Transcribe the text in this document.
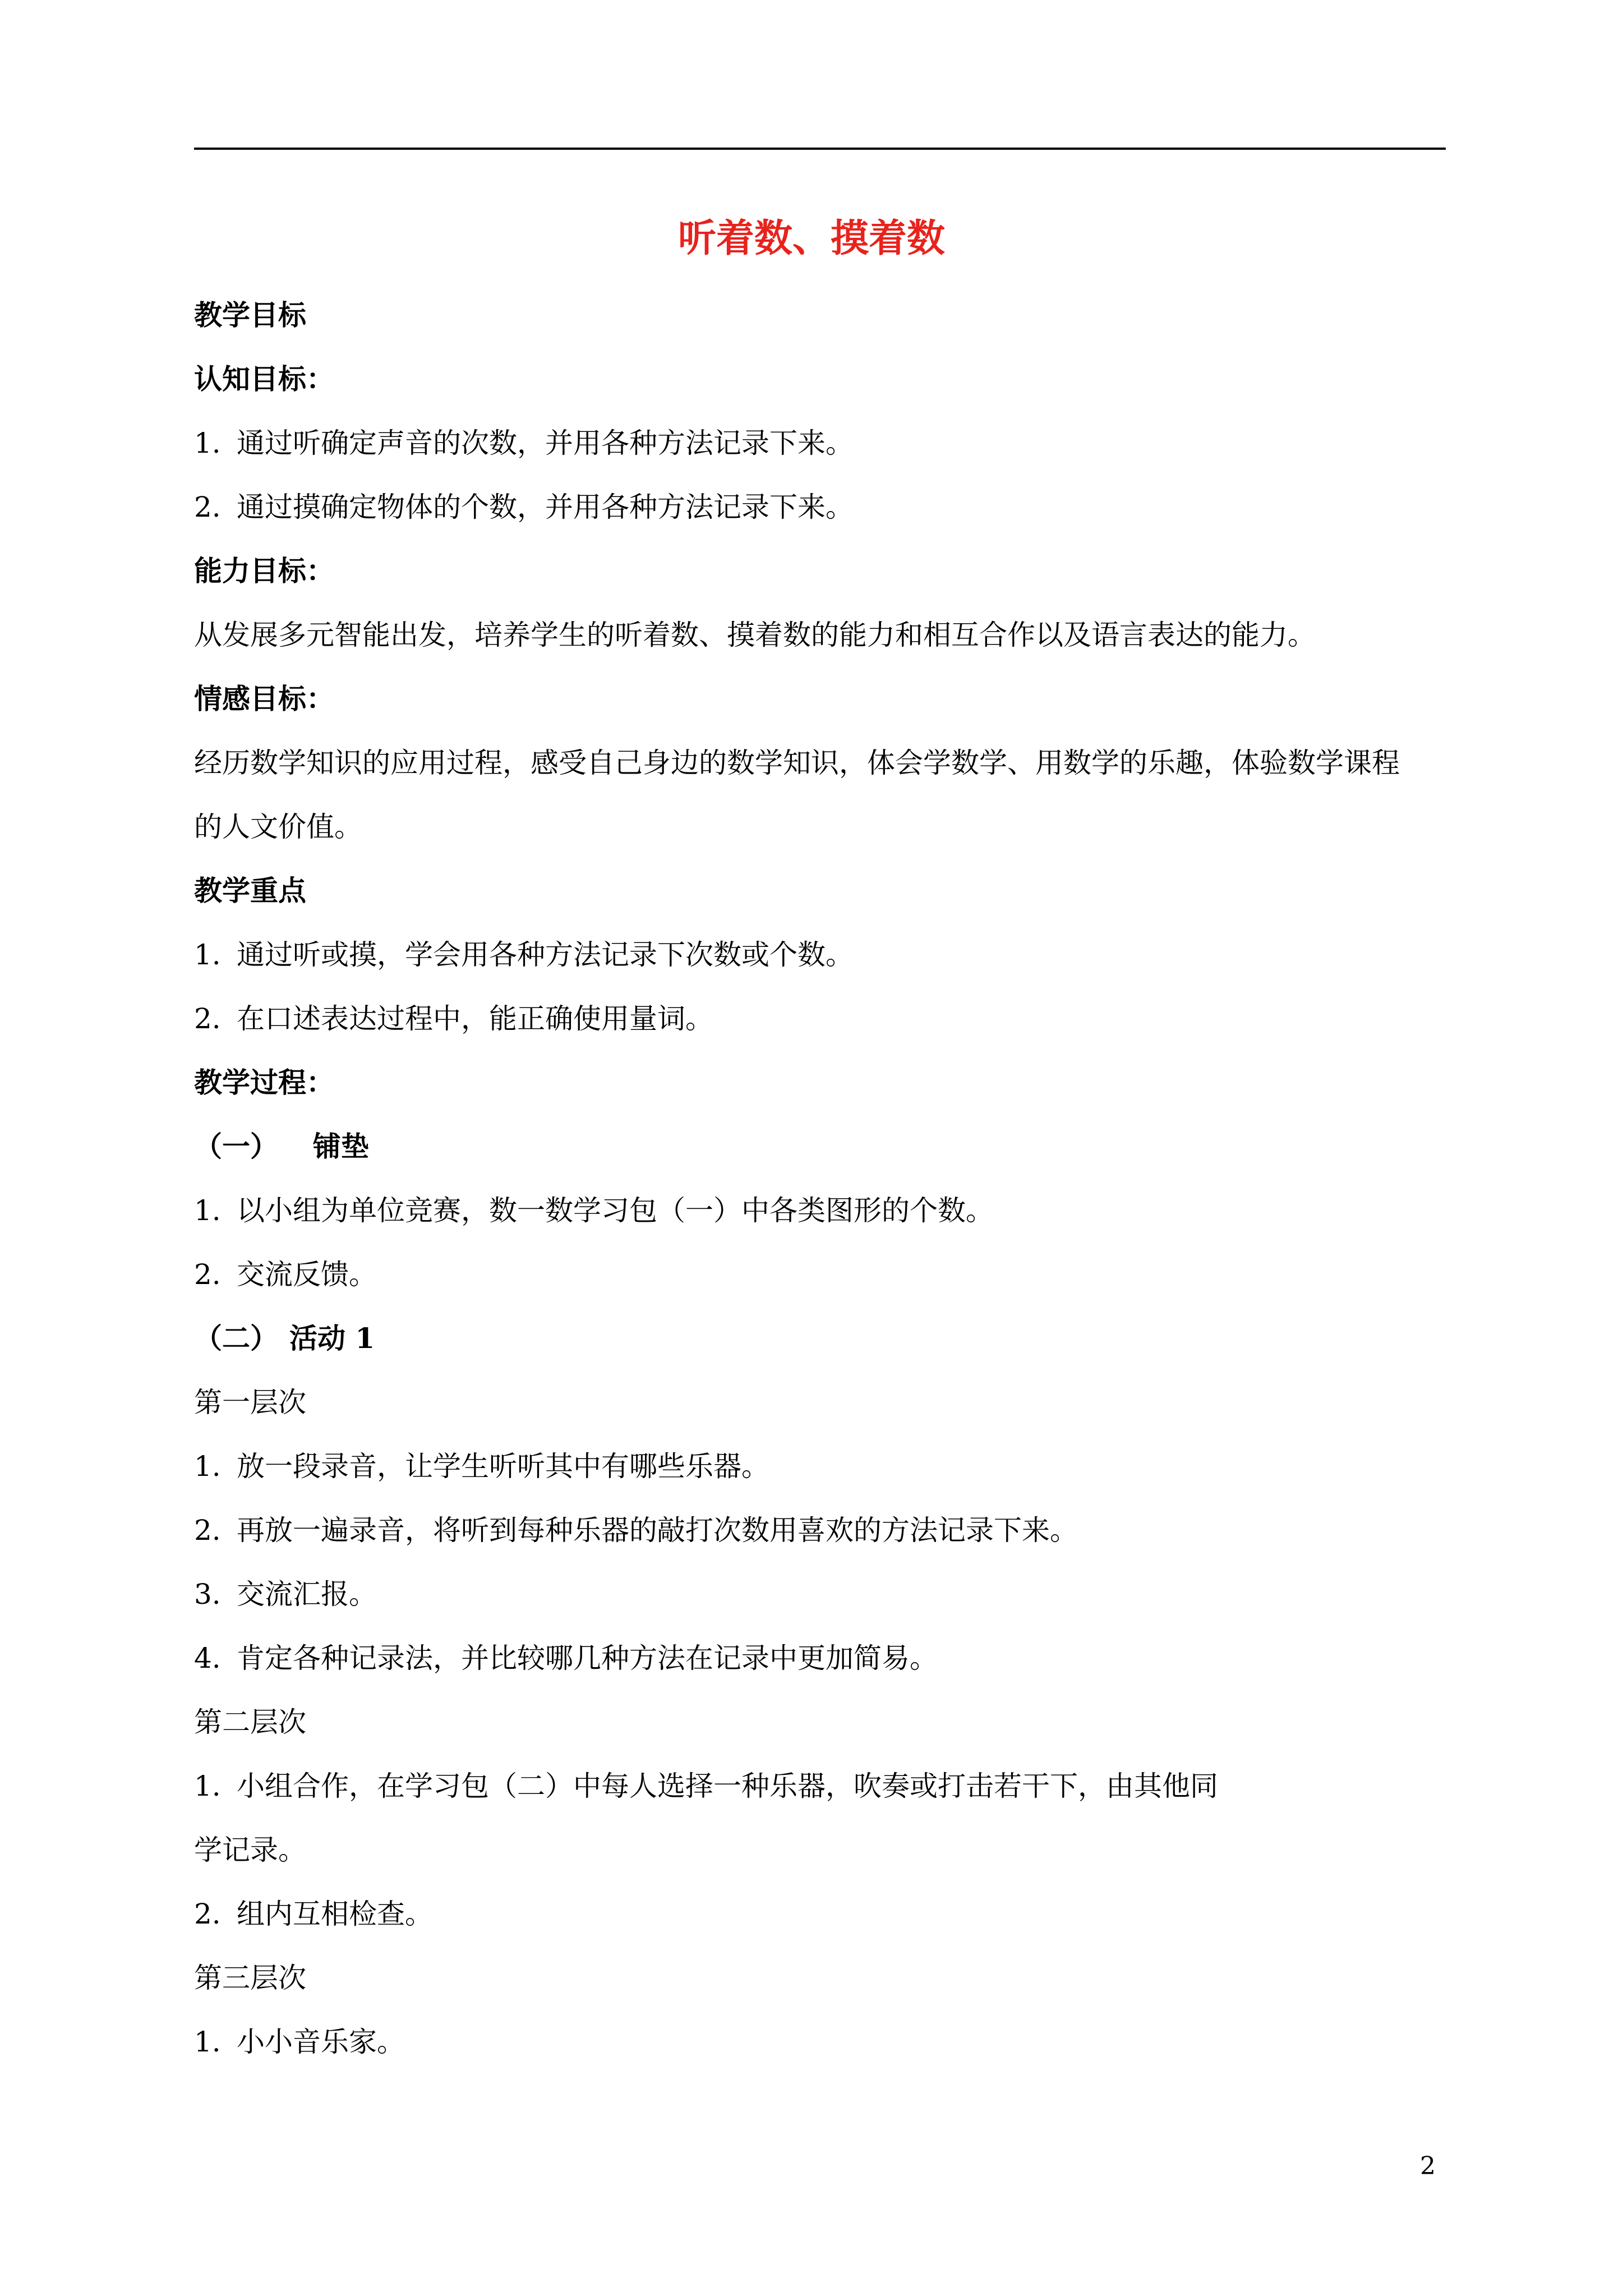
听着数、摸着数
教学目标
认知目标：
1. 通过听确定声音的次数，并用各种方法记录下来。
2. 通过摸确定物体的个数，并用各种方法记录下来。
能力目标：
从发展多元智能出发，培养学生的听着数、摸着数的能力和相互合作以及语言表达的能力。
情感目标：
经历数学知识的应用过程，感受自己身边的数学知识，体会学数学、用数学的乐趣，体验数学课程
的人文价值。
教学重点
1. 通过听或摸，学会用各种方法记录下次数或个数。
2. 在口述表达过程中，能正确使用量词。
教学过程：
（一） 铺垫
1. 以小组为单位竞赛，数一数学习包（一）中各类图形的个数。
2. 交流反馈。
（二） 活动 1
第一层次
1. 放一段录音，让学生听听其中有哪些乐器。
2. 再放一遍录音，将听到每种乐器的敲打次数用喜欢的方法记录下来。
3. 交流汇报。
4. 肯定各种记录法，并比较哪几种方法在记录中更加简易。
第二层次
1. 小组合作，在学习包（二）中每人选择一种乐器，吹奏或打击若干下，由其他同
学记录。
2. 组内互相检查。
第三层次
1. 小小音乐家。
2
